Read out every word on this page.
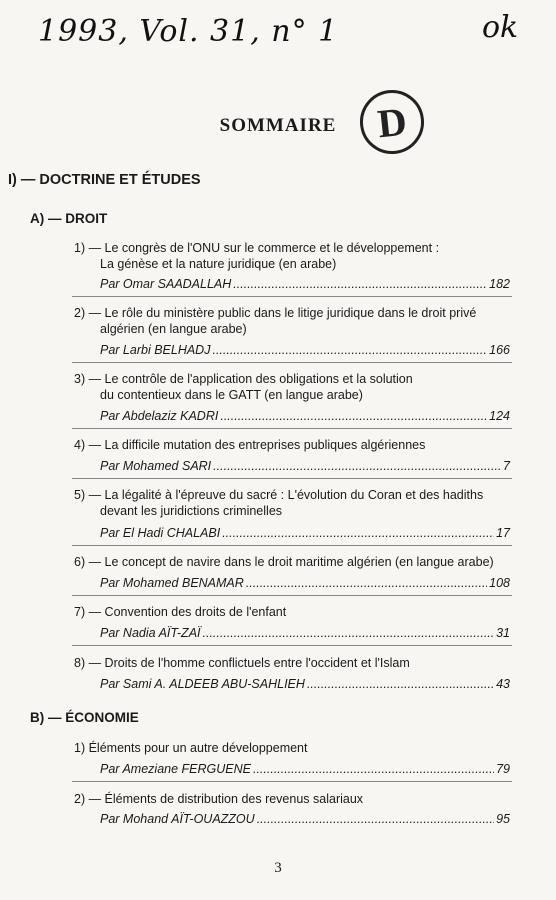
1993, Vol. 31, n° 1	ok
SOMMAIRE D
I) — DOCTRINE ET ÉTUDES
A) — DROIT
1) — Le congrès de l'ONU sur le commerce et le développement :
La génèse et la nature juridique (en arabe)
Par Omar SAADALLAH .....	182
2) — Le rôle du ministère public dans le litige juridique dans le droit privé
algérien (en langue arabe)
Par Larbi BELHADJ .....	166
3) — Le contrôle de l'application des obligations et la solution
du contentieux dans le GATT (en langue arabe)
Par Abdelaziz KADRI .....	124
4) — La difficile mutation des entreprises publiques algériennes
Par Mohamed SARI .....	7
5) — La légalité à l'épreuve du sacré : L'évolution du Coran et des hadiths
devant les juridictions criminelles
Par El Hadi CHALABI .....	17
6) — Le concept de navire dans le droit maritime algérien (en langue arabe)
Par Mohamed BENAMAR .....	108
7) — Convention des droits de l'enfant
Par Nadia AÏT-ZAÏ .....	31
8) — Droits de l'homme conflictuels entre l'occident et l'Islam
Par Sami A. ALDEEB ABU-SAHLIEH .....	43
B) — ÉCONOMIE
1) Éléments pour un autre développement
Par Ameziane FERGUENE .....	79
2) — Éléments de distribution des revenus salariaux
Par Mohand AÏT-OUAZZOU .....	95
3
